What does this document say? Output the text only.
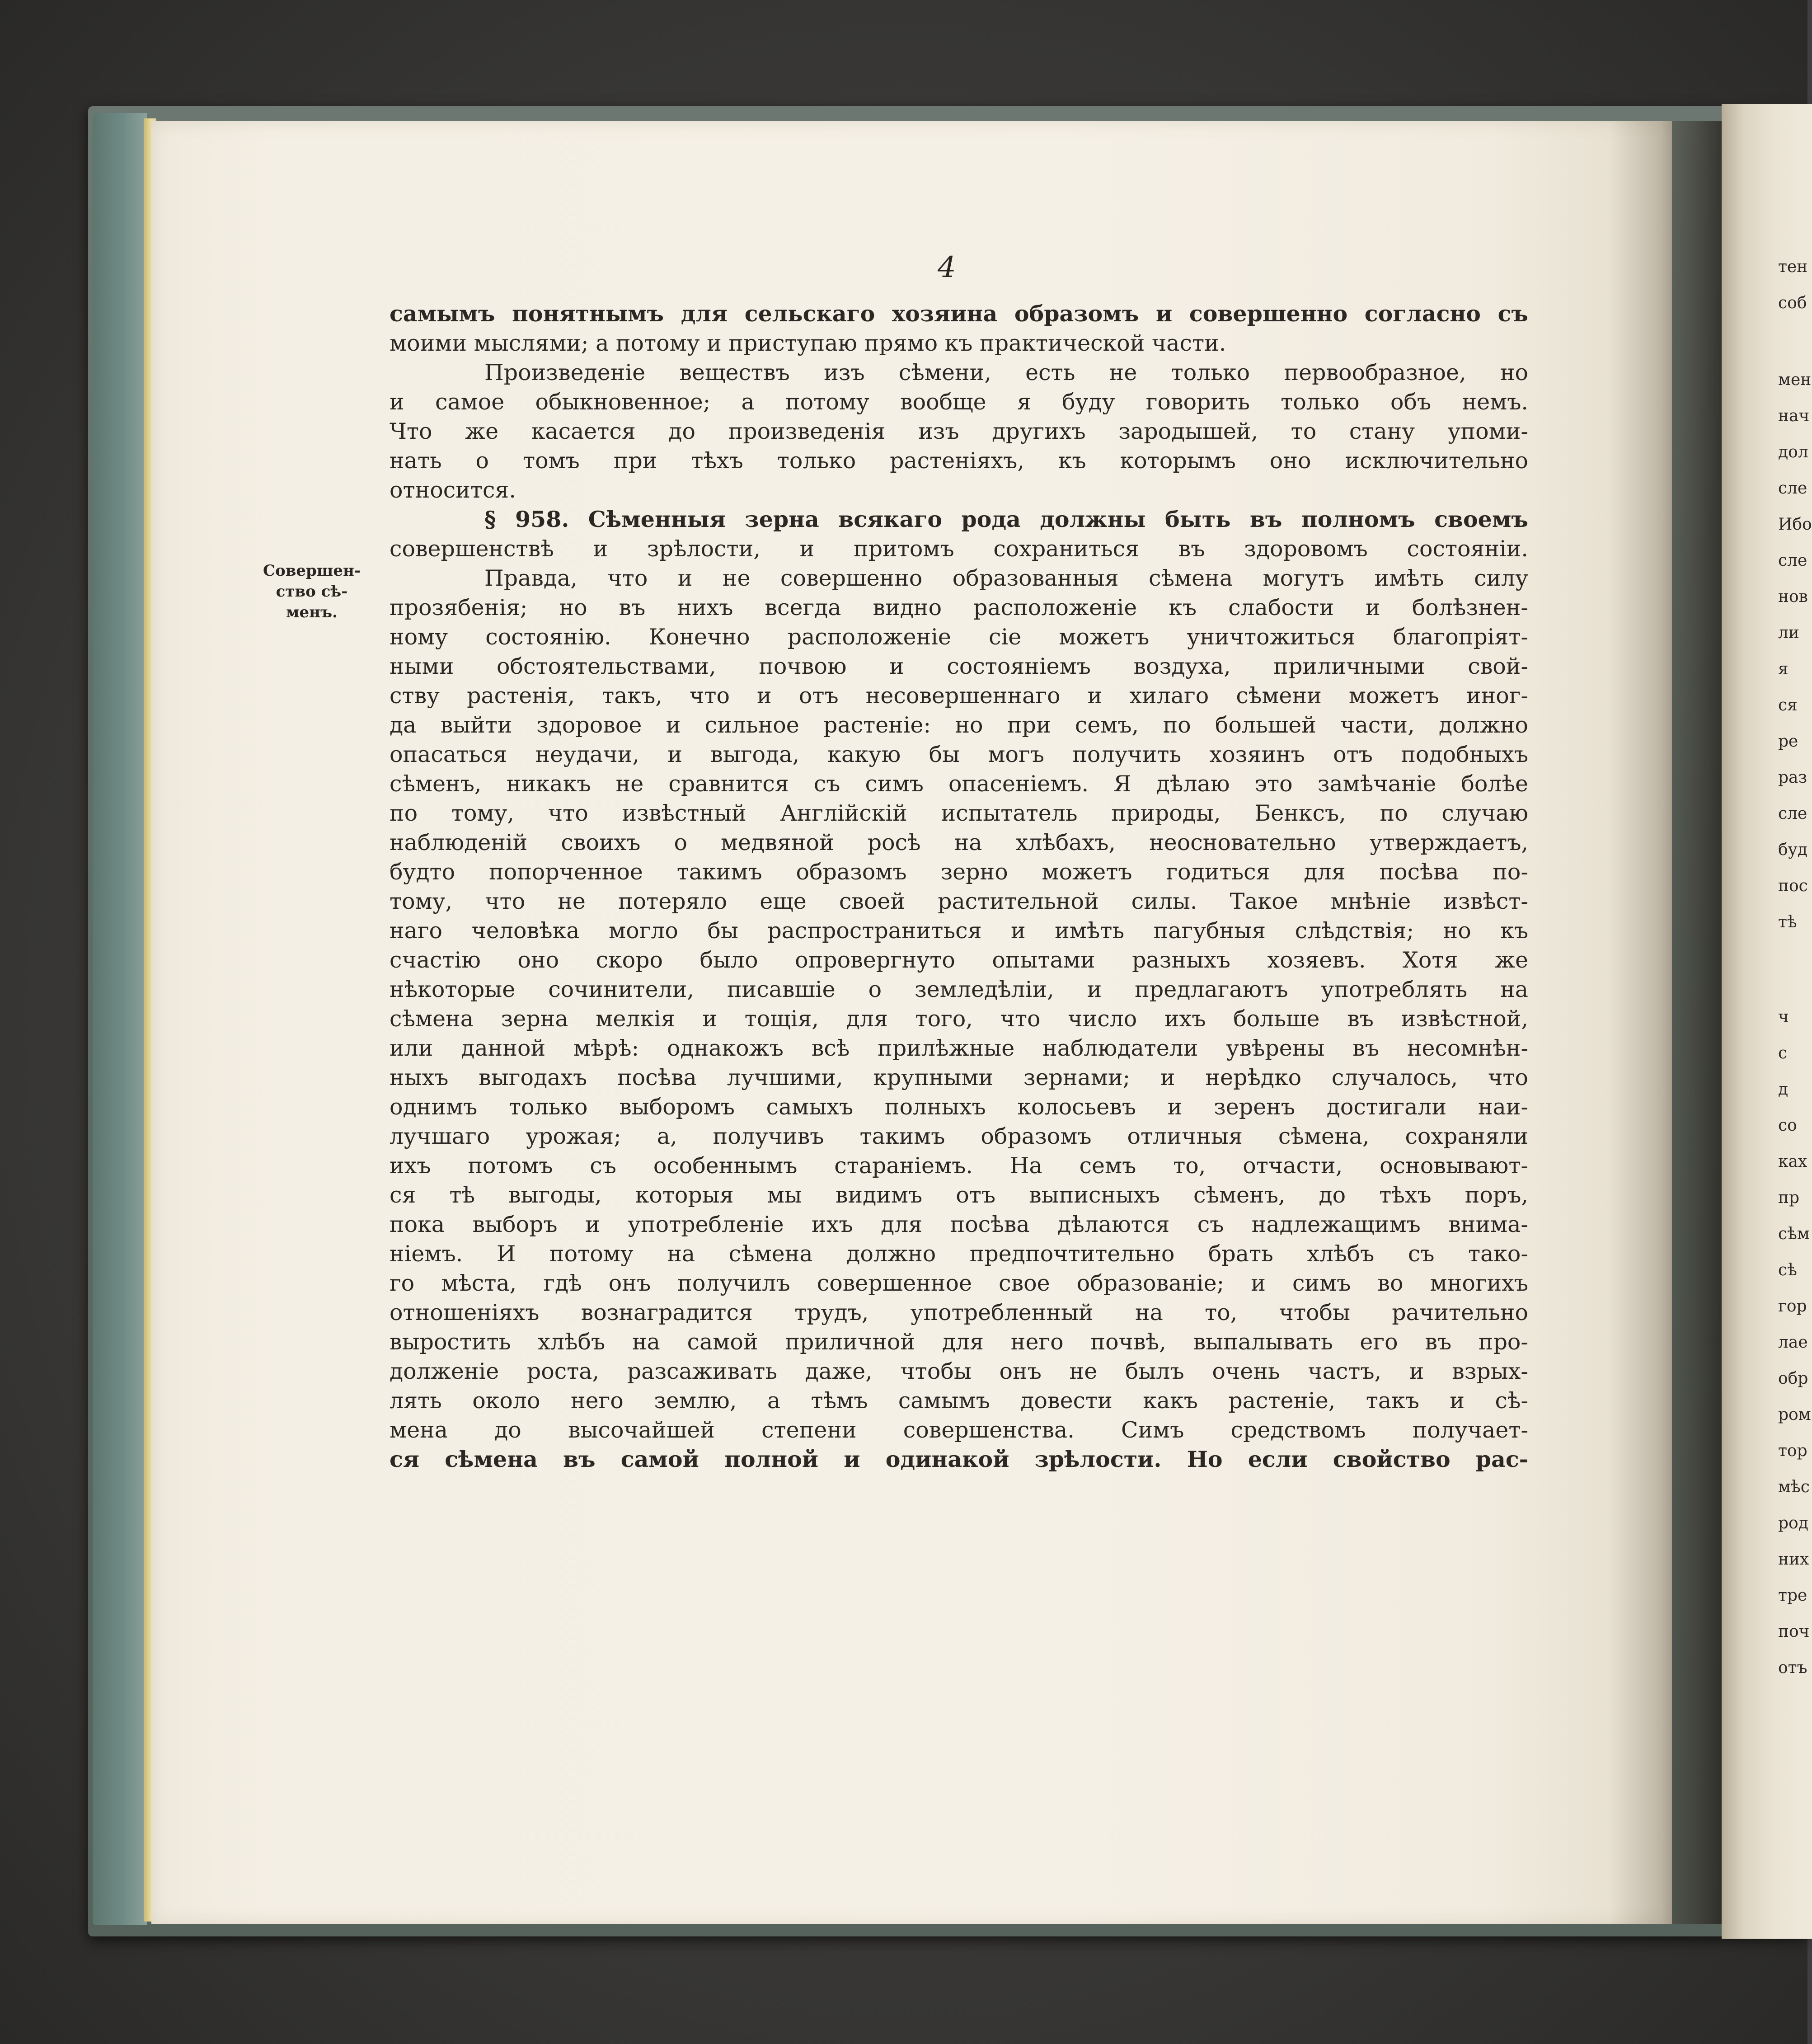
тен
соб
мен
нач
дол
сле
Ибо
сле
нов
ли
я
ся
ре
раз
сле
буд
пос
тѣ
ч
с
д
со
ках
пр
сѣм
сѣ
гор
лае
обр
ром
тор
мѣс
род
них
тре
поч
отъ
4
Совершен-
ство сѣ-
менъ.
самымъ понятнымъ для сельскаго хозяина образомъ и совершенно согласно съ
моими мыслями; а потому и приступаю прямо къ практической части.
Произведеніе веществъ изъ сѣмени, есть не только первообразное, но
и самое обыкновенное; а потому вообще я буду говорить только объ немъ.
Что же касается до произведенія изъ другихъ зародышей, то стану упоми-
нать о томъ при тѣхъ только растеніяхъ, къ которымъ оно исключительно
относится.
§ 958. Сѣменныя зерна всякаго рода должны быть въ полномъ своемъ
совершенствѣ и зрѣлости, и притомъ сохраниться въ здоровомъ состояніи.
Правда, что и не совершенно образованныя сѣмена могутъ имѣть силу
прозябенія; но въ нихъ всегда видно расположеніе къ слабости и болѣзнен-
ному состоянію. Конечно расположеніе сіе можетъ уничтожиться благопріят-
ными обстоятельствами, почвою и состояніемъ воздуха, приличными свой-
ству растенія, такъ, что и отъ несовершеннаго и хилаго сѣмени можетъ иног-
да выйти здоровое и сильное растеніе: но при семъ, по большей части, должно
опасаться неудачи, и выгода, какую бы могъ получить хозяинъ отъ подобныхъ
сѣменъ, никакъ не сравнится съ симъ опасеніемъ. Я дѣлаю это замѣчаніе болѣе
по тому, что извѣстный Англійскій испытатель природы, Бенксъ, по случаю
наблюденій своихъ о медвяной росѣ на хлѣбахъ, неосновательно утверждаетъ,
будто попорченное такимъ образомъ зерно можетъ годиться для посѣва по-
тому, что не потеряло еще своей растительной силы. Такое мнѣніе извѣст-
наго человѣка могло бы распространиться и имѣть пагубныя слѣдствія; но къ
счастію оно скоро было опровергнуто опытами разныхъ хозяевъ. Хотя же
нѣкоторые сочинители, писавшіе о земледѣліи, и предлагаютъ употреблять на
сѣмена зерна мелкія и тощія, для того, что число ихъ больше въ извѣстной,
или данной мѣрѣ: однакожъ всѣ прилѣжные наблюдатели увѣрены въ несомнѣн-
ныхъ выгодахъ посѣва лучшими, крупными зернами; и нерѣдко случалось, что
однимъ только выборомъ самыхъ полныхъ колосьевъ и зеренъ достигали наи-
лучшаго урожая; а, получивъ такимъ образомъ отличныя сѣмена, сохраняли
ихъ потомъ съ особеннымъ стараніемъ. На семъ то, отчасти, основывают-
ся тѣ выгоды, которыя мы видимъ отъ выписныхъ сѣменъ, до тѣхъ поръ,
пока выборъ и употребленіе ихъ для посѣва дѣлаются съ надлежащимъ внима-
ніемъ. И потому на сѣмена должно предпочтительно брать хлѣбъ съ тако-
го мѣста, гдѣ онъ получилъ совершенное свое образованіе; и симъ во многихъ
отношеніяхъ вознаградится трудъ, употребленный на то, чтобы рачительно
выростить хлѣбъ на самой приличной для него почвѣ, выпалывать его въ про-
долженіе роста, разсаживать даже, чтобы онъ не былъ очень частъ, и взрых-
лять около него землю, а тѣмъ самымъ довести какъ растеніе, такъ и сѣ-
мена до высочайшей степени совершенства. Симъ средствомъ получает-
ся сѣмена въ самой полной и одинакой зрѣлости. Но если свойство рас-
